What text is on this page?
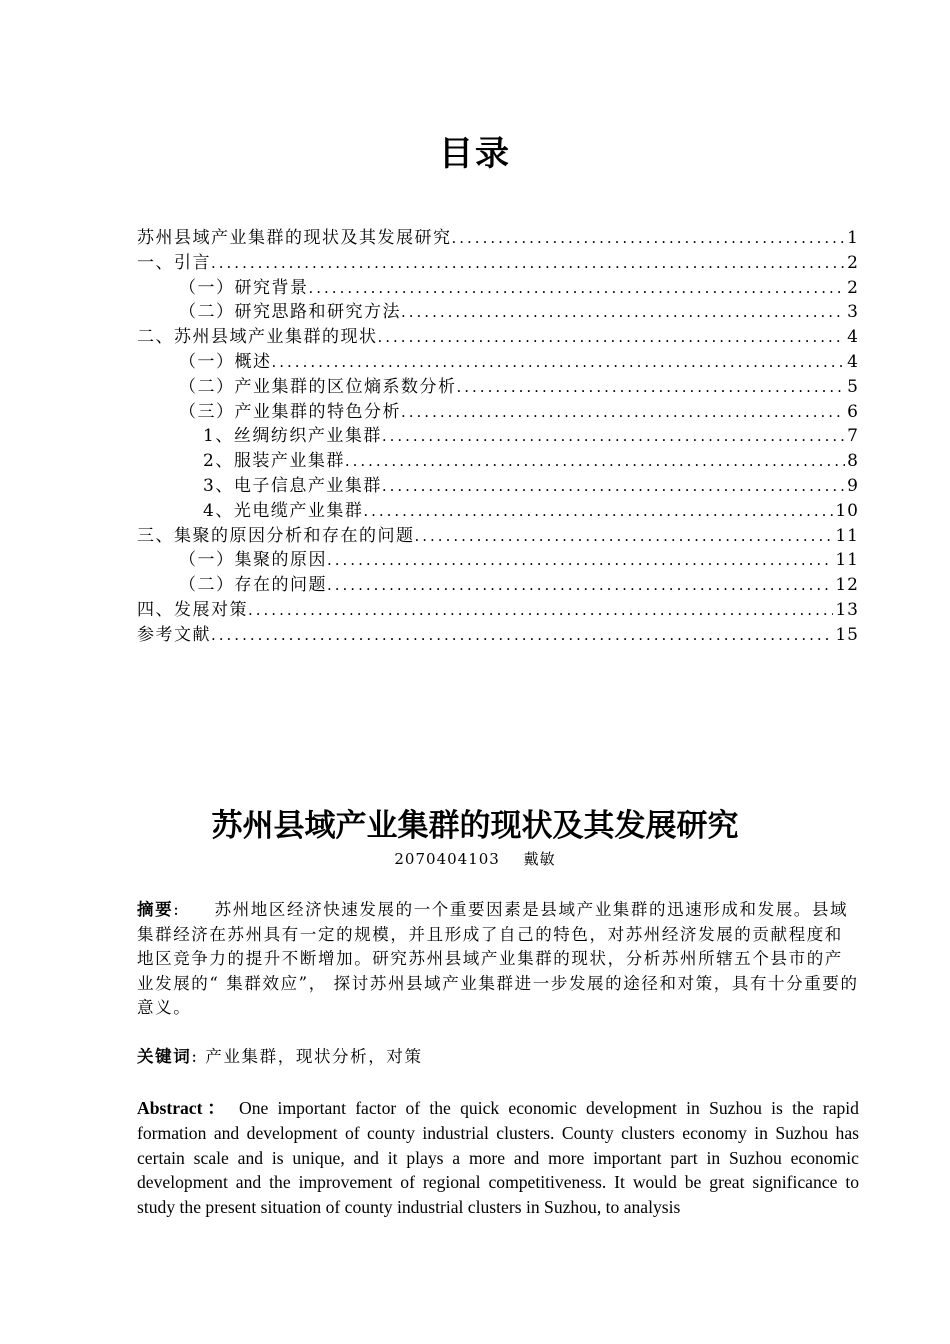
目录
苏州县域产业集群的现状及其发展研究 .....	1
一、引言 .....	2
（一）研究背景 .....	2
（二）研究思路和研究方法 .....	3
二、苏州县域产业集群的现状 .....	4
（一）概述 .....	4
（二）产业集群的区位熵系数分析 .....	5
（三）产业集群的特色分析 .....	6
1、丝绸纺织产业集群 .....	7
2、服装产业集群 .....	8
3、电子信息产业集群 .....	9
4、光电缆产业集群 .....	10
三、集聚的原因分析和存在的问题 .....	11
（一）集聚的原因 .....	11
（二）存在的问题 .....	12
四、发展对策 .....	13
参考文献 .....	15
苏州县域产业集群的现状及其发展研究
2070404103 戴敏
摘要: 苏州地区经济快速发展的一个重要因素是县域产业集群的迅速形成和发展。县域集群经济在苏州具有一定的规模，并且形成了自己的特色，对苏州经济发展的贡献程度和地区竞争力的提升不断增加。研究苏州县域产业集群的现状，分析苏州所辖五个县市的产业发展的“ 集群效应”， 探讨苏州县域产业集群进一步发展的途径和对策，具有十分重要的意义。
关键词: 产业集群，现状分析，对策
Abstract： One important factor of the quick economic development in Suzhou is the rapid formation and development of county industrial clusters. County clusters economy in Suzhou has certain scale and is unique, and it plays a more and more important part in Suzhou economic development and the improvement of regional competitiveness. It would be great significance to study the present situation of county industrial clusters in Suzhou, to analysis
